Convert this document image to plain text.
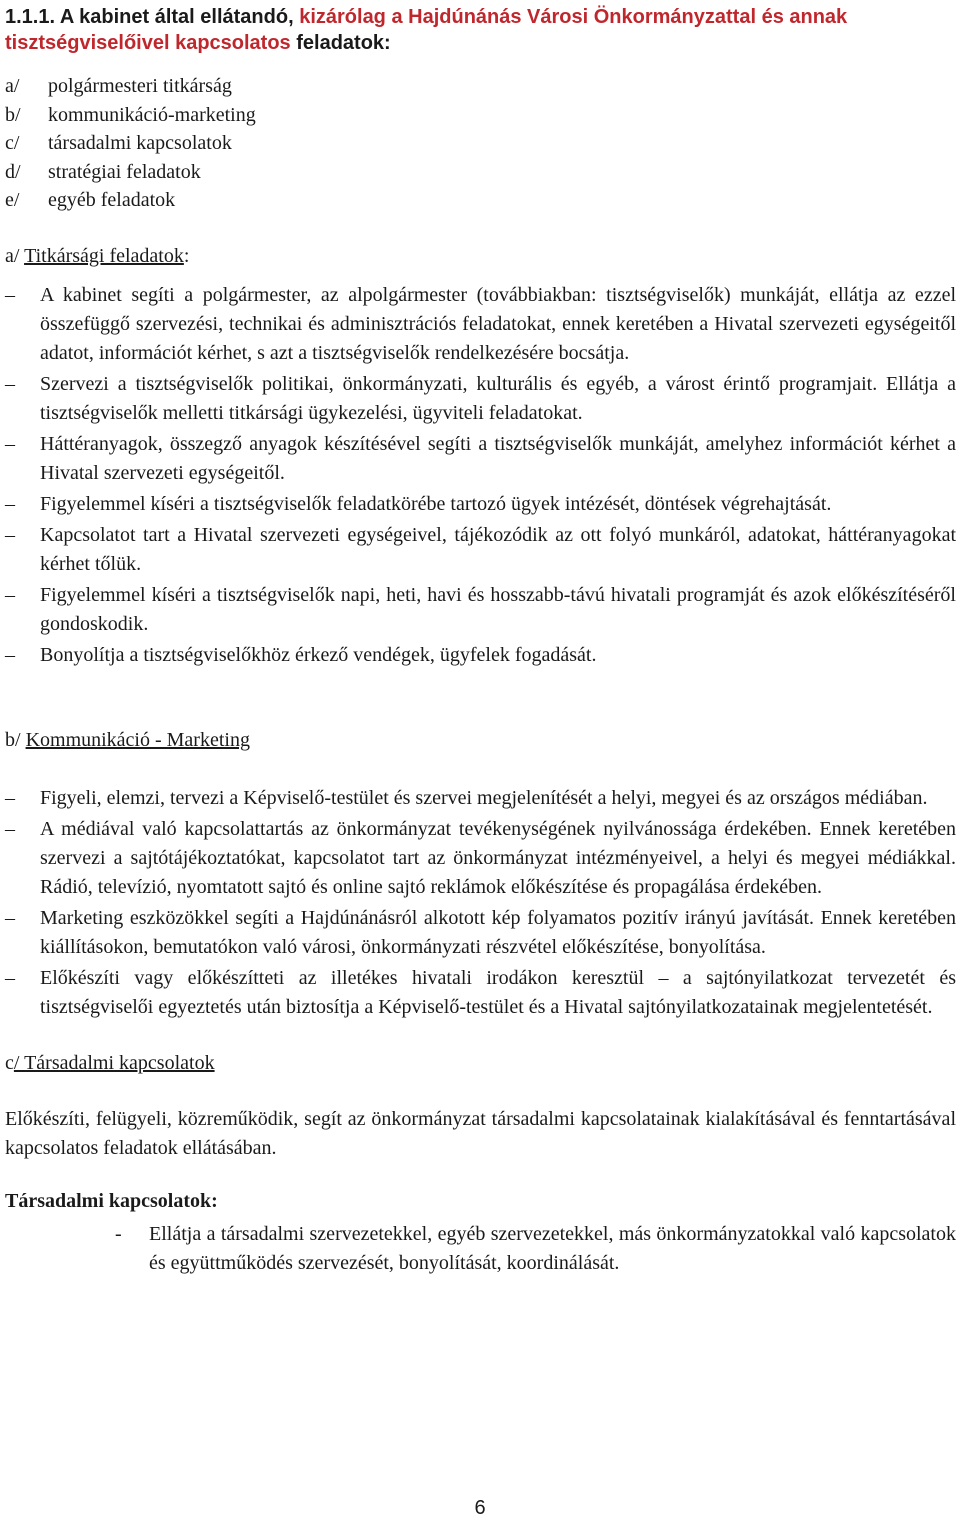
1.1.1. A kabinet által ellátandó, kizárólag a Hajdúnánás Városi Önkormányzattal és annak tisztségviselőivel kapcsolatos feladatok:

a/	polgármesteri titkárság
b/	kommunikáció-marketing
c/	társadalmi kapcsolatok
d/	stratégiai feladatok
e/	egyéb feladatok

a/ Titkársági feladatok:

–	A kabinet segíti a polgármester, az alpolgármester (továbbiakban: tisztségviselők) munkáját, ellátja az ezzel összefüggő szervezési, technikai és adminisztrációs feladatokat, ennek keretében a Hivatal szervezeti egységeitől adatot, információt kérhet, s azt a tisztségviselők rendelkezésére bocsátja.
–	Szervezi a tisztségviselők politikai, önkormányzati, kulturális és egyéb, a várost érintő programjait. Ellátja a tisztségviselők melletti titkársági ügykezelési, ügyviteli feladatokat.
–	Háttéranyagok, összegző anyagok készítésével segíti a tisztségviselők munkáját, amelyhez információt kérhet a Hivatal szervezeti egységeitől.
–	Figyelemmel kíséri a tisztségviselők feladatkörébe tartozó ügyek intézését, döntések végrehajtását.
–	Kapcsolatot tart a Hivatal szervezeti egységeivel, tájékozódik az ott folyó munkáról, adatokat, háttéranyagokat kérhet tőlük.
–	Figyelemmel kíséri a tisztségviselők napi, heti, havi és hosszabb-távú hivatali programját és azok előkészítéséről gondoskodik.
–	Bonyolítja a tisztségviselőkhöz érkező vendégek, ügyfelek fogadását.

b/ Kommunikáció - Marketing

–	Figyeli, elemzi, tervezi a Képviselő-testület és szervei megjelenítését a helyi, megyei és az országos médiában.
–	A médiával való kapcsolattartás az önkormányzat tevékenységének nyilvánossága érdekében. Ennek keretében szervezi a sajtótájékoztatókat, kapcsolatot tart az önkormányzat intézményeivel, a helyi és megyei médiákkal. Rádió, televízió, nyomtatott sajtó és online sajtó reklámok előkészítése és propagálása érdekében.
–	Marketing eszközökkel segíti a Hajdúnánásról alkotott kép folyamatos pozitív irányú javítását. Ennek keretében kiállításokon, bemutatókon való városi, önkormányzati részvétel előkészítése, bonyolítása.
–	Előkészíti vagy előkészítteti az illetékes hivatali irodákon keresztül – a sajtónyilatkozat tervezetét és tisztségviselői egyeztetés után biztosítja a Képviselő-testület és a Hivatal sajtónyilatkozatainak megjelentetését.

c/ Társadalmi kapcsolatok

Előkészíti, felügyeli, közreműködik, segít az önkormányzat társadalmi kapcsolatainak kialakításával és fenntartásával kapcsolatos feladatok ellátásában.

Társadalmi kapcsolatok:

-	Ellátja a társadalmi szervezetekkel, egyéb szervezetekkel, más önkormányzatokkal való kapcsolatok és együttműködés szervezését, bonyolítását, koordinálását.
6
